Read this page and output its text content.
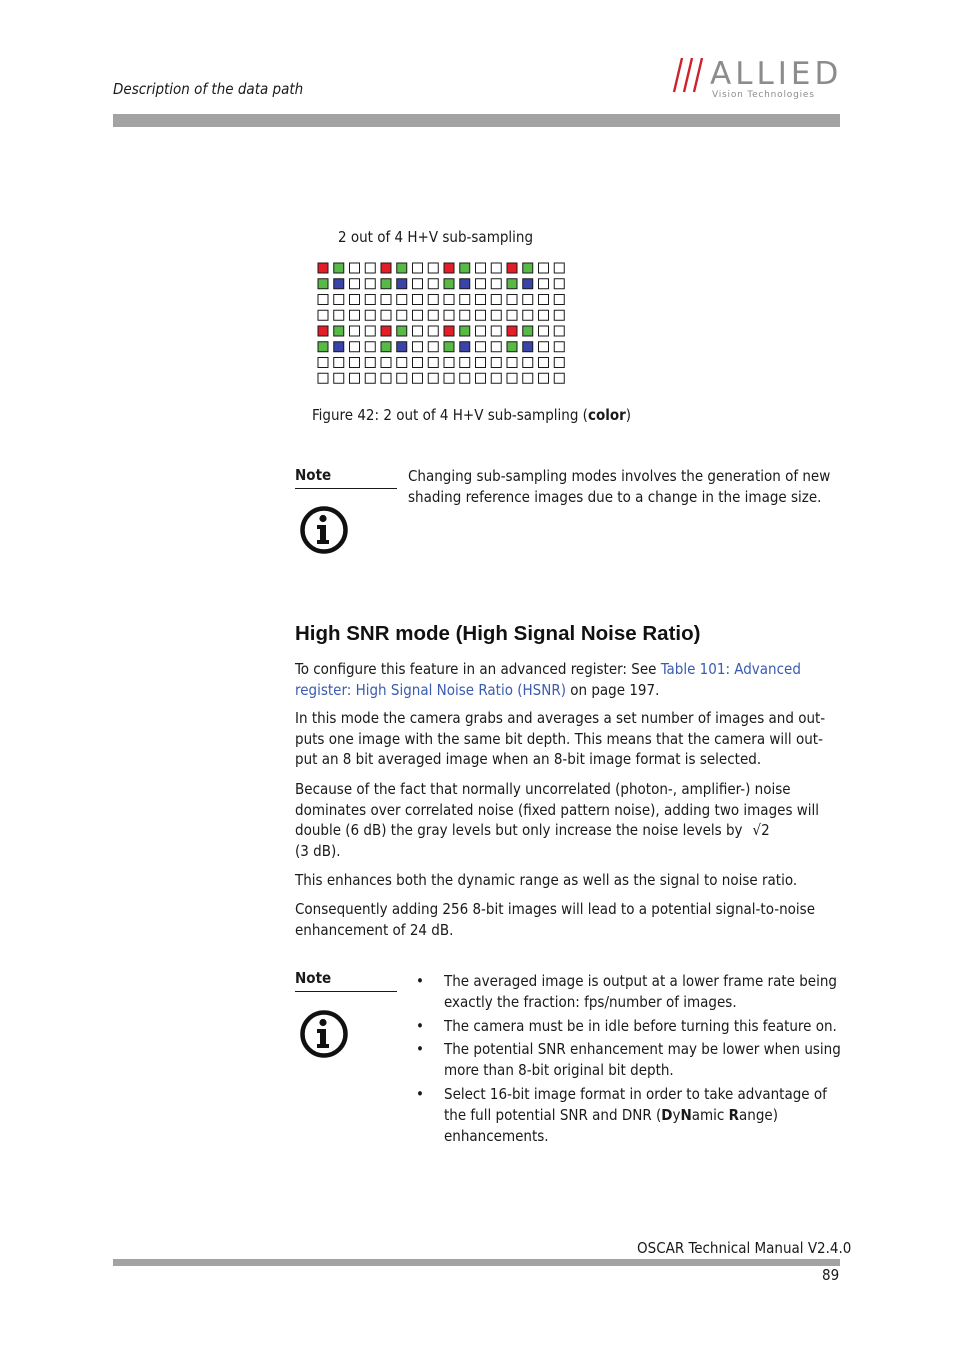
Description of the data path	ALLIED
Vision Technologies
2 out of 4 H+V sub-sampling
Figure 42: 2 out of 4 H+V sub-sampling (color)
Note	Changing sub-sampling modes involves the generation of new shading reference images due to a change in the image size.
High SNR mode (High Signal Noise Ratio)
To configure this feature in an advanced register: See Table 101: Advanced register: High Signal Noise Ratio (HSNR) on page 197.
In this mode the camera grabs and averages a set number of images and out-puts one image with the same bit depth. This means that the camera will out-put an 8 bit averaged image when an 8-bit image format is selected.
Because of the fact that normally uncorrelated (photon-, amplifier-) noise dominates over correlated noise (fixed pattern noise), adding two images will double (6 dB) the gray levels but only increase the noise levels by √2
(3 dB).
This enhances both the dynamic range as well as the signal to noise ratio.
Consequently adding 256 8-bit images will lead to a potential signal-to-noise enhancement of 24 dB.
Note
•	The averaged image is output at a lower frame rate being exactly the fraction: fps/number of images.
• The camera must be in idle before turning this feature on.
• The potential SNR enhancement may be lower when using more than 8-bit original bit depth.
• Select 16-bit image format in order to take advantage of the full potential SNR and DNR (DyNamic Range) enhancements.
OSCAR Technical Manual V2.4.0
89
